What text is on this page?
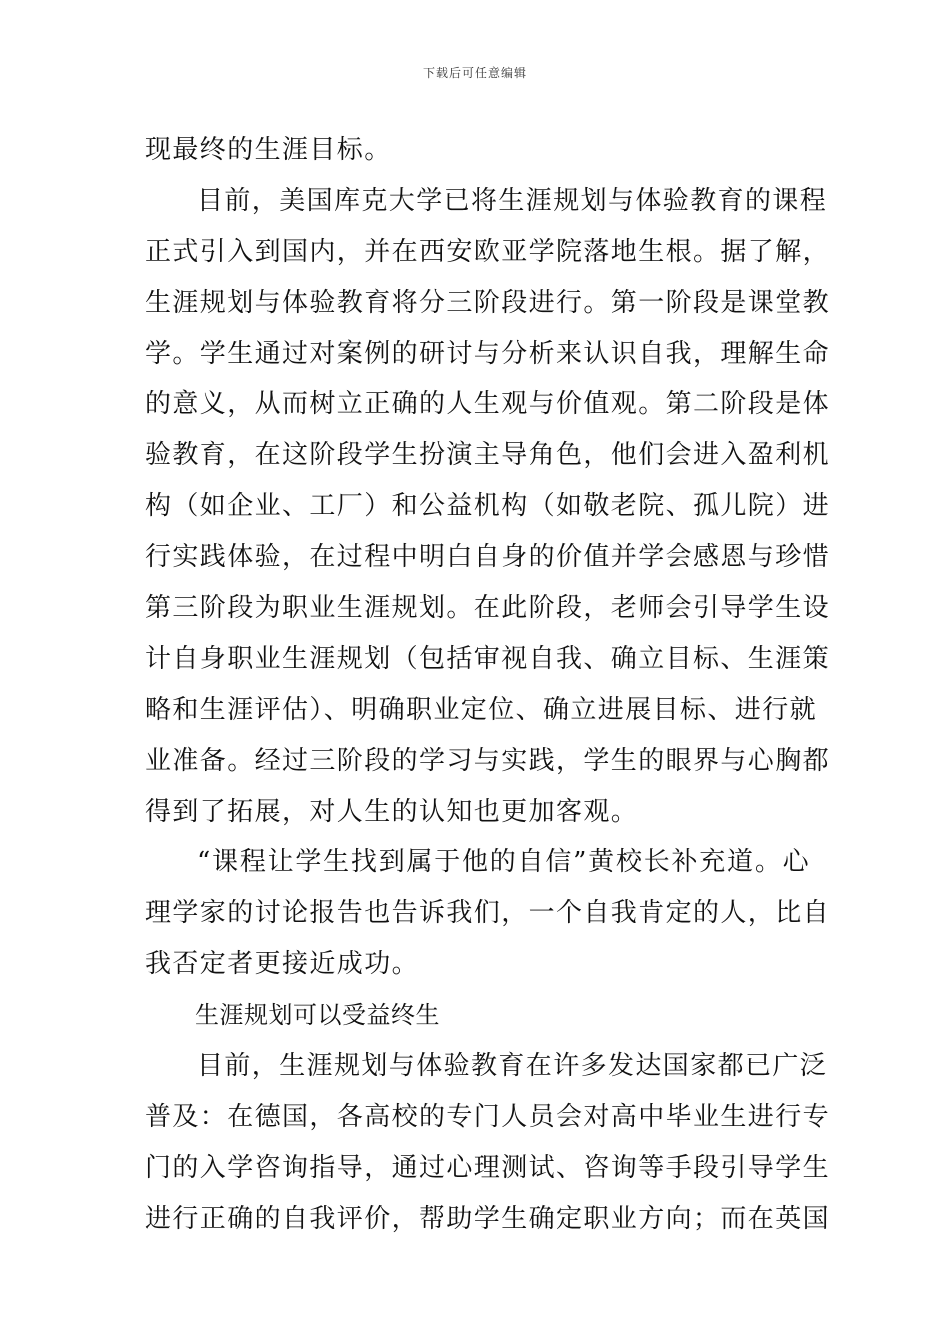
下载后可任意编辑
现最终的生涯目标。
目前，美国库克大学已将生涯规划与体验教育的课程
正式引入到国内，并在西安欧亚学院落地生根。据了解，
生涯规划与体验教育将分三阶段进行。第一阶段是课堂教
学。学生通过对案例的研讨与分析来认识自我，理解生命
的意义，从而树立正确的人生观与价值观。第二阶段是体
验教育，在这阶段学生扮演主导角色，他们会进入盈利机
构（如企业、工厂）和公益机构（如敬老院、孤儿院）进
行实践体验，在过程中明白自身的价值并学会感恩与珍惜
第三阶段为职业生涯规划。在此阶段，老师会引导学生设
计自身职业生涯规划（包括审视自我、确立目标、生涯策
略和生涯评估）、明确职业定位、确立进展目标、进行就
业准备。经过三阶段的学习与实践，学生的眼界与心胸都
得到了拓展，对人生的认知也更加客观。
“课程让学生找到属于他的自信”黄校长补充道。心
理学家的讨论报告也告诉我们，一个自我肯定的人，比自
我否定者更接近成功。
生涯规划可以受益终生
目前，生涯规划与体验教育在许多发达国家都已广泛
普及：在德国，各高校的专门人员会对高中毕业生进行专
门的入学咨询指导，通过心理测试、咨询等手段引导学生
进行正确的自我评价，帮助学生确定职业方向；而在英国
